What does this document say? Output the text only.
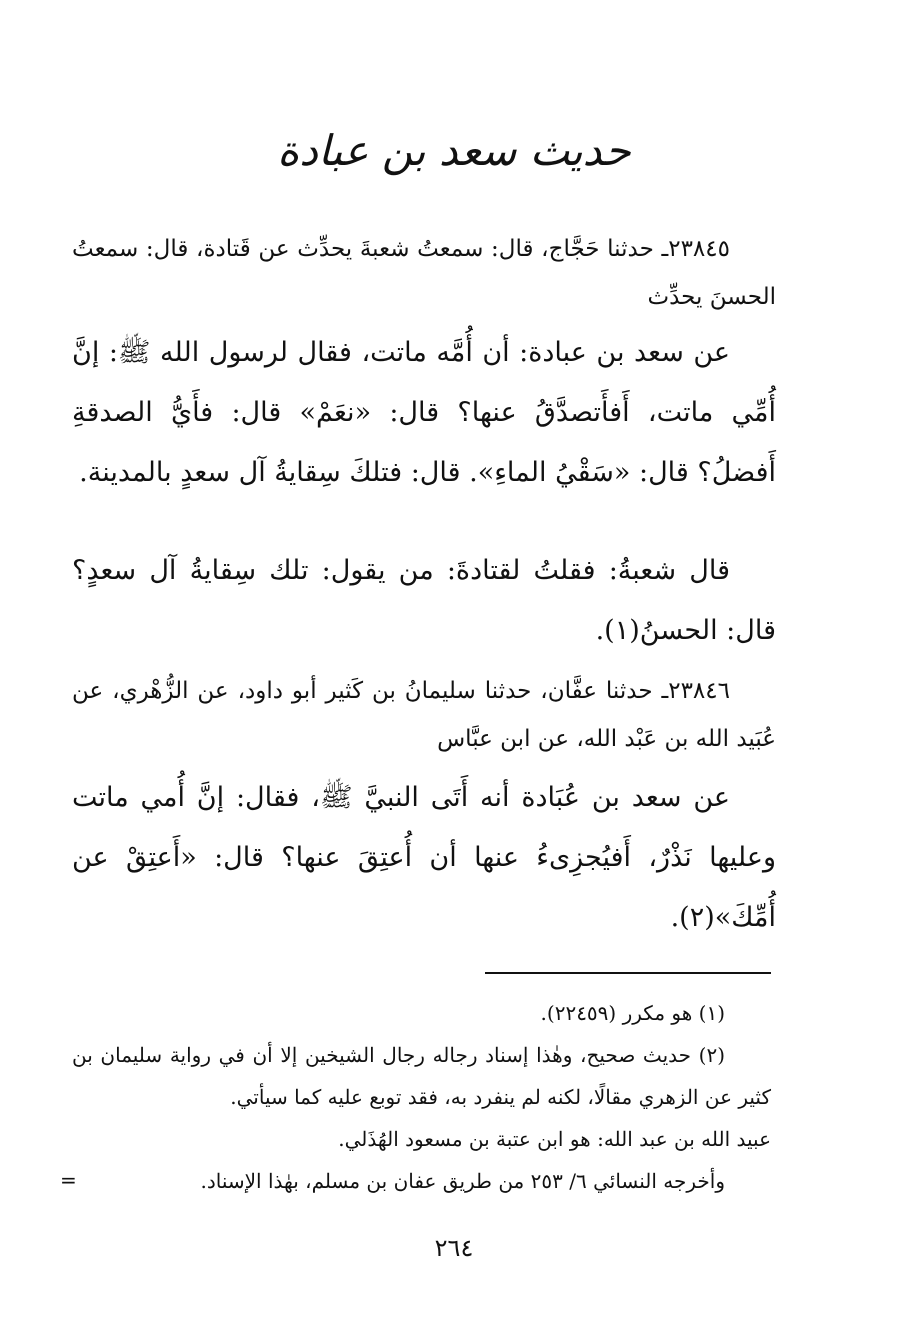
حديث سعد بن عبادة
٢٣٨٤٥ـ حدثنا حَجَّاج، قال: سمعتُ شعبةَ يحدِّث عن قَتادة، قال: سمعتُ الحسنَ يحدِّث
عن سعد بن عبادة: أن أُمَّه ماتت، فقال لرسول الله ﷺ: إنَّ أُمِّي ماتت، أَفأَتصدَّقُ عنها؟ قال: «نعَمْ» قال: فأَيُّ الصدقةِ أَفضلُ؟ قال: «سَقْيُ الماءِ». قال: فتلكَ سِقايةُ آل سعدٍ بالمدينة.
قال شعبةُ: فقلتُ لقتادةَ: من يقول: تلك سِقايةُ آل سعدٍ؟ قال: الحسنُ(١).
٢٣٨٤٦ـ حدثنا عفَّان، حدثنا سليمانُ بن كَثير أبو داود، عن الزُّهْري، عن عُبَيد الله بن عَبْد الله، عن ابن عبَّاس
عن سعد بن عُبَادة أنه أَتَى النبيَّ ﷺ، فقال: إنَّ أُمي ماتت وعليها نَذْرٌ، أَفيُجزِىءُ عنها أن أُعتِقَ عنها؟ قال: «أَعتِقْ عن أُمِّكَ»(٢).

(١) هو مكرر (٢٢٤٥٩).

(٢) حديث صحيح، وهٰذا إسناد رجاله رجال الشيخين إلا أن في رواية سليمان بن كثير عن الزهري مقالًا، لكنه لم ينفرد به، فقد توبع عليه كما سيأتي.

عبيد الله بن عبد الله: هو ابن عتبة بن مسعود الهُذَلي.

وأخرجه النسائي ٦/ ٢٥٣ من طريق عفان بن مسلم، بهٰذا الإسناد.

=
٢٦٤
